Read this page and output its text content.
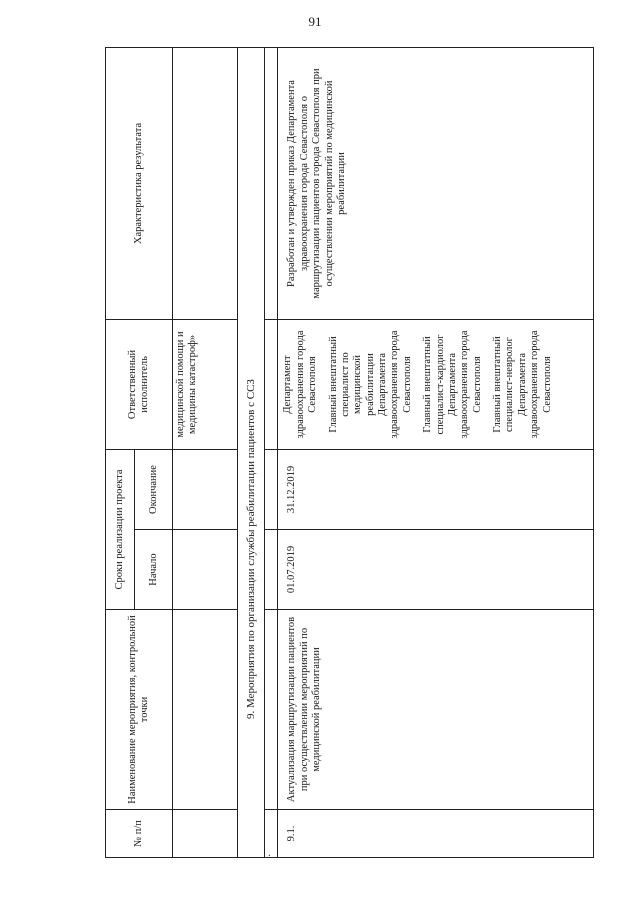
91
№ п/п	Наименование мероприятия, контрольной точки	Сроки реализации проекта		Ответственный исполнитель	Характеристика результата
		Начало	Окончание		
				медицинской помощи и медицины катастроф»	
9. Мероприятия по организации службы реабилитации пациентов с ССЗ					
·					
9.1.	Актуализация маршрутизации пациентов при осуществлении мероприятий по медицинской реабилитации	01.07.2019	31.12.2019	Департамент здравоохранения города Севастополя Главный внештатный специалист по медицинской реабилитации Департамента здравоохранения города Севастополя Главный внештатный специалист-кардиолог Департамента здравоохранения города Севастополя Главный внештатный специалист-невролог Департамента здравоохранения города Севастополя	Разработан и утвержден приказ Департамента здравоохранения города Севастополя о маршрутизации пациентов города Севастополя при осуществлении мероприятий по медицинской реабилитации
